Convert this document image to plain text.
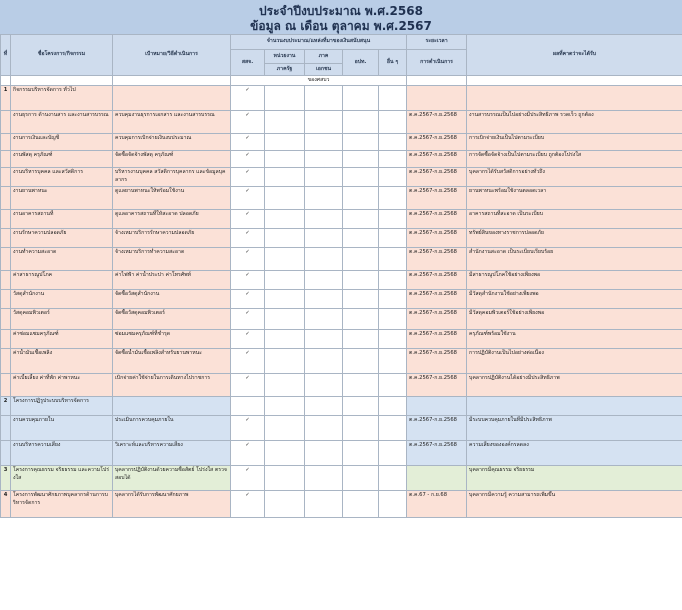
ประจำปีงบประมาณ พ.ศ.2568
ข้อมูล ณ เดือน ตุลาคม พ.ศ.2567
ที่	ชื่อโครงการ/กิจกรรม	เป้าหมาย/วิธีดำเนินการ	จำนวนงบประมาณ/แหล่งที่มาของเงินสนับสนุน					ระยะเวลา	ผลที่คาดว่าจะได้รับ
			สสจ.	หน่วยงาน	ภาค	อปท.	อื่น ๆ	การดำเนินการ	
				ภาครัฐ	เอกชน				
			ของศสบว						
1	กิจกรรมบริหารจัดการ ทั่วไป		✓						
	งานธุรการ ด้านงานสาร และงานสารบรรณ	ควบคุมงานธุรการเอกสาร และงานสารบรรณ	✓					ต.ค.2567-ก.ย.2568	งานสารบรรณเป็นไปอย่างมีประสิทธิภาพ รวดเร็ว ถูกต้อง
	งานการเงินและบัญชี	ควบคุมการเบิกจ่ายเงินงบประมาณ	✓					ต.ค.2567-ก.ย.2568	การเบิกจ่ายเงินเป็นไปตามระเบียบ
	งานพัสดุ ครุภัณฑ์	จัดซื้อจัดจ้างพัสดุ ครุภัณฑ์	✓					ต.ค.2567-ก.ย.2568	การจัดซื้อจัดจ้างเป็นไปตามระเบียบ ถูกต้องโปร่งใส
	งานบริหารบุคคล และสวัสดิการ	บริหารงานบุคคล สวัสดิการบุคลากร และข้อมูลบุคลากร	✓					ต.ค.2567-ก.ย.2568	บุคลากรได้รับสวัสดิการอย่างทั่วถึง
	งานยานพาหนะ	ดูแลยานพาหนะให้พร้อมใช้งาน	✓					ต.ค.2567-ก.ย.2568	ยานพาหนะพร้อมใช้งานตลอดเวลา
	งานอาคารสถานที่	ดูแลอาคารสถานที่ให้สะอาด ปลอดภัย	✓					ต.ค.2567-ก.ย.2568	อาคารสถานที่สะอาด เป็นระเบียบ
	งานรักษาความปลอดภัย	จ้างเหมาบริการรักษาความปลอดภัย	✓					ต.ค.2567-ก.ย.2568	ทรัพย์สินของทางราชการปลอดภัย
	งานทำความสะอาด	จ้างเหมาบริการทำความสะอาด	✓					ต.ค.2567-ก.ย.2568	สำนักงานสะอาด เป็นระเบียบเรียบร้อย
	ค่าสาธารณูปโภค	ค่าไฟฟ้า ค่าน้ำประปา ค่าโทรศัพท์	✓					ต.ค.2567-ก.ย.2568	มีสาธารณูปโภคใช้อย่างเพียงพอ
	วัสดุสำนักงาน	จัดซื้อวัสดุสำนักงาน	✓					ต.ค.2567-ก.ย.2568	มีวัสดุสำนักงานใช้อย่างเพียงพอ
	วัสดุคอมพิวเตอร์	จัดซื้อวัสดุคอมพิวเตอร์	✓					ต.ค.2567-ก.ย.2568	มีวัสดุคอมพิวเตอร์ใช้อย่างเพียงพอ
	ค่าซ่อมแซมครุภัณฑ์	ซ่อมแซมครุภัณฑ์ที่ชำรุด	✓					ต.ค.2567-ก.ย.2568	ครุภัณฑ์พร้อมใช้งาน
	ค่าน้ำมันเชื้อเพลิง	จัดซื้อน้ำมันเชื้อเพลิงสำหรับยานพาหนะ	✓					ต.ค.2567-ก.ย.2568	การปฏิบัติงานเป็นไปอย่างต่อเนื่อง
	ค่าเบี้ยเลี้ยง ค่าที่พัก ค่าพาหนะ	เบิกจ่ายค่าใช้จ่ายในการเดินทางไปราชการ	✓					ต.ค.2567-ก.ย.2568	บุคลากรปฏิบัติงานได้อย่างมีประสิทธิภาพ
2	โครงการปฏิรูประบบบริหารจัดการ								
	งานควบคุมภายใน	ประเมินการควบคุมภายใน	✓					ต.ค.2567-ก.ย.2568	มีระบบควบคุมภายในที่มีประสิทธิภาพ
	งานบริหารความเสี่ยง	วิเคราะห์และบริหารความเสี่ยง	✓					ต.ค.2567-ก.ย.2568	ความเสี่ยงขององค์กรลดลง
3	โครงการคุณธรรม จริยธรรม และความโปร่งใส	บุคลากรปฏิบัติงานด้วยความซื่อสัตย์ โปร่งใส ตรวจสอบได้	✓						บุคลากรมีคุณธรรม จริยธรรม
4	โครงการพัฒนาศักยภาพบุคลากรด้านการบริหารจัดการ	บุคลากรได้รับการพัฒนาศักยภาพ	✓					ต.ค.67 - ก.ย.68	บุคลากรมีความรู้ ความสามารถเพิ่มขึ้น
